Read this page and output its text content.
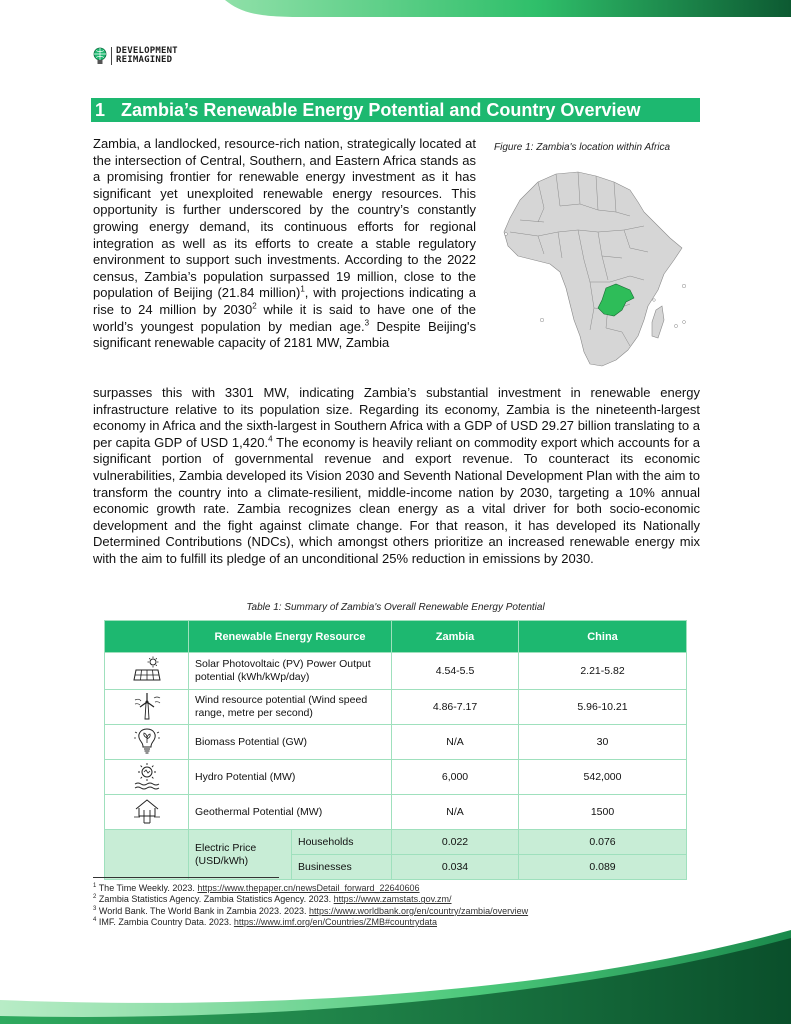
DEVELOPMENT
REIMAGINED
1 Zambia’s Renewable Energy Potential and Country Overview
Figure 1: Zambia's location within Africa
Zambia, a landlocked, resource-rich nation, strategically located at the intersection of Central, Southern, and Eastern Africa stands as a promising frontier for renewable energy investment as it has significant yet unexploited renewable energy resources. This opportunity is further underscored by the country’s constantly growing energy demand, its continuous efforts for regional integration as well as its efforts to create a stable regulatory environment to support such investments. According to the 2022 census, Zambia’s population surpassed 19 million, close to the population of Beijing (21.84 million)$^1$, with projections indicating a rise to 24 million by 2030$^2$ while it is said to have one of the world’s youngest population by median age.$^3$ Despite Beijing's significant renewable capacity of 2181 MW, Zambia
surpasses this with 3301 MW, indicating Zambia’s substantial investment in renewable energy infrastructure relative to its population size. Regarding its economy, Zambia is the nineteenth-largest economy in Africa and the sixth-largest in Southern Africa with a GDP of USD 29.27 billion translating to a per capita GDP of USD 1,420.$^4$ The economy is heavily reliant on commodity export which accounts for a significant portion of governmental revenue and export revenue. To counteract its economic vulnerabilities, Zambia developed its Vision 2030 and Seventh National Development Plan with the aim to transform the country into a climate-resilient, middle-income nation by 2030, targeting a 10% annual economic growth rate. Zambia recognizes clean energy as a vital driver for both socio-economic development and the fight against climate change. For that reason, it has developed its Nationally Determined Contributions (NDCs), which amongst others prioritize an increased renewable energy mix with the aim to fulfill its pledge of an unconditional 25% reduction in emissions by 2030.
Table 1: Summary of Zambia's Overall Renewable Energy Potential
	Renewable Energy Resource		Zambia	China
	Solar Photovoltaic (PV) Power Output potential (kWh/kWp/day)		4.54-5.5	2.21-5.82
	Wind resource potential (Wind speed range, metre per second)		4.86-7.17	5.96-10.21
	Biomass Potential (GW)		N/A	30
	Hydro Potential (MW)		6,000	542,000
	Geothermal Potential (MW)		N/A	1500
	Electric Price (USD/kWh)	Households	0.022	0.076
		Businesses	0.034	0.089
$^1$ The Time Weekly. 2023. https://www.thepaper.cn/newsDetail_forward_22640606
$^2$ Zambia Statistics Agency. Zambia Statistics Agency. 2023. https://www.zamstats.gov.zm/
$^3$ World Bank. The World Bank in Zambia 2023. 2023. https://www.worldbank.org/en/country/zambia/overview
$^4$ IMF. Zambia Country Data. 2023. https://www.imf.org/en/Countries/ZMB#countrydata
